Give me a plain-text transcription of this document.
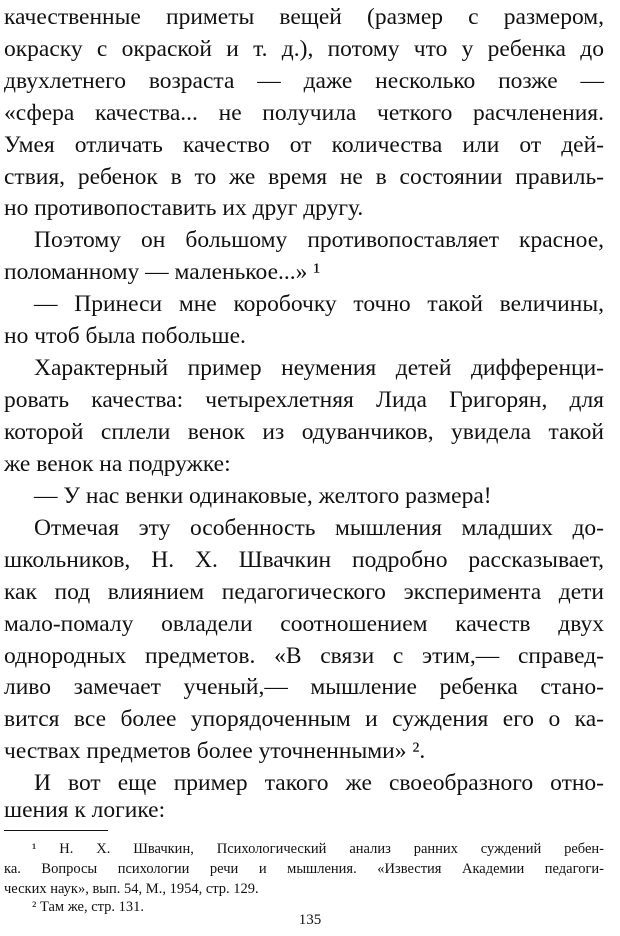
качественные приметы вещей (размер с размером,
окраску с окраской и т. д.), потому что у ребенка до
двухлетнего возраста — даже несколько позже —
«сфера качества... не получила четкого расчленения.
Умея отличать качество от количества или от дей-
ствия, ребенок в то же время не в состоянии правиль-
но противопоставить их друг другу.
Поэтому он большому противопоставляет красное,
поломанному — маленькое...» ¹
— Принеси мне коробочку точно такой величины,
но чтоб была побольше.
Характерный пример неумения детей дифференци-
ровать качества: четырехлетняя Лида Григорян, для
которой сплели венок из одуванчиков, увидела такой
же венок на подружке:
— У нас венки одинаковые, желтого размера!
Отмечая эту особенность мышления младших до-
школьников, Н. Х. Швачкин подробно рассказывает,
как под влиянием педагогического эксперимента дети
мало-помалу овладели соотношением качеств двух
однородных предметов. «В связи с этим,— справед-
ливо замечает ученый,— мышление ребенка стано-
вится все более упорядоченным и суждения его о ка-
чествах предметов более уточненными» ².
И вот еще пример такого же своеобразного отно-
шения к логике:
¹ Н. Х. Швачкин, Психологический анализ ранних суждений ребен-
ка. Вопросы психологии речи и мышления. «Известия Академии педагоги-
ческих наук», вып. 54, М., 1954, стр. 129.
² Там же, стр. 131.
135
